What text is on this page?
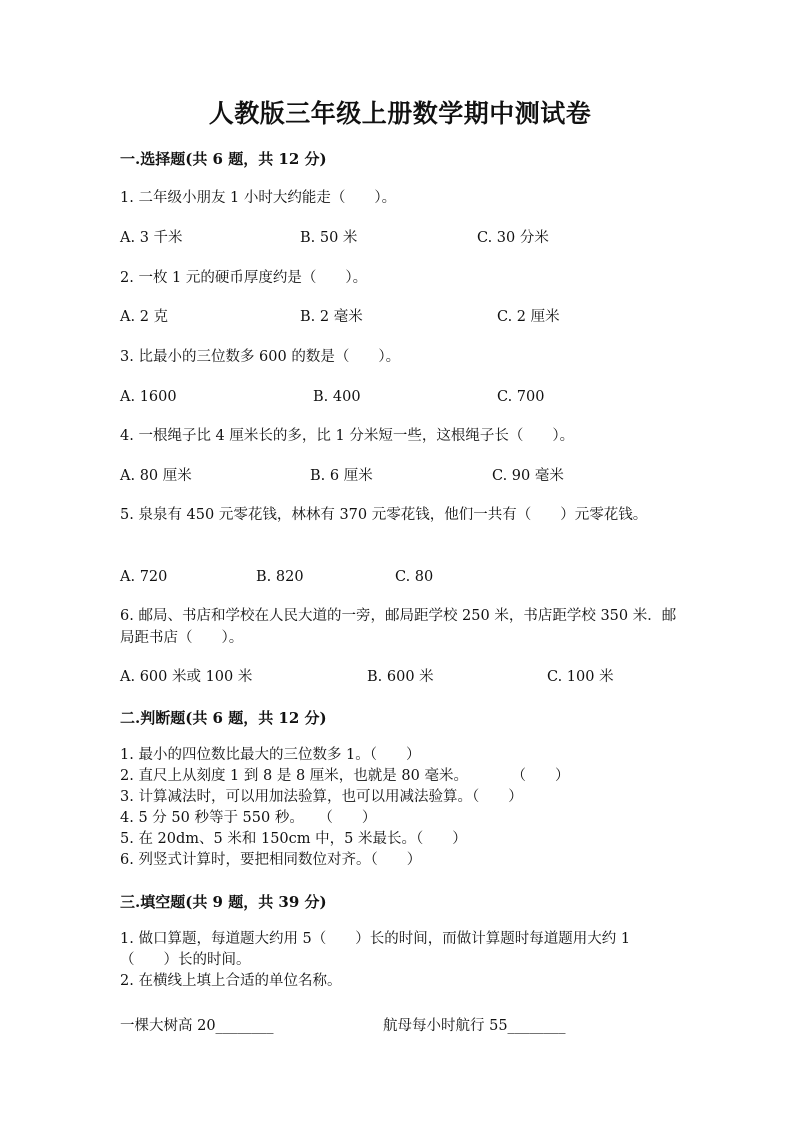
人教版三年级上册数学期中测试卷
一.选择题(共 6 题，共 12 分)
1. 二年级小朋友 1 小时大约能走（　　）。
A. 3 千米	B. 50 米	C. 30 分米
2. 一枚 1 元的硬币厚度约是（　　）。
A. 2 克	B. 2 毫米	C. 2 厘米
3. 比最小的三位数多 600 的数是（　　）。
A. 1600	B. 400	C. 700
4. 一根绳子比 4 厘米长的多，比 1 分米短一些，这根绳子长（　　）。
A. 80 厘米	B. 6 厘米	C. 90 毫米
5. 泉泉有 450 元零花钱，林林有 370 元零花钱，他们一共有（　　）元零花钱。
A. 720	B. 820	C. 80
6. 邮局、书店和学校在人民大道的一旁，邮局距学校 250 米，书店距学校 350 米．邮局距书店（　　）。
A. 600 米或 100 米	B. 600 米	C. 100 米
二.判断题(共 6 题，共 12 分)
1. 最小的四位数比最大的三位数多 1。（　　）
2. 直尺上从刻度 1 到 8 是 8 厘米，也就是 80 毫米。　　　　（　　）
3. 计算减法时，可以用加法验算，也可以用减法验算。（　　）
4. 5 分 50 秒等于 550 秒。　　（　　）
5. 在 20dm、5 米和 150cm 中，5 米最长。（　　）
6. 列竖式计算时，要把相同数位对齐。（　　）
三.填空题(共 9 题，共 39 分)
1. 做口算题，每道题大约用 5（　　）长的时间，而做计算题时每道题用大约 1（　　）长的时间。
2. 在横线上填上合适的单位名称。
一棵大树高 20________	航母每小时航行 55________
